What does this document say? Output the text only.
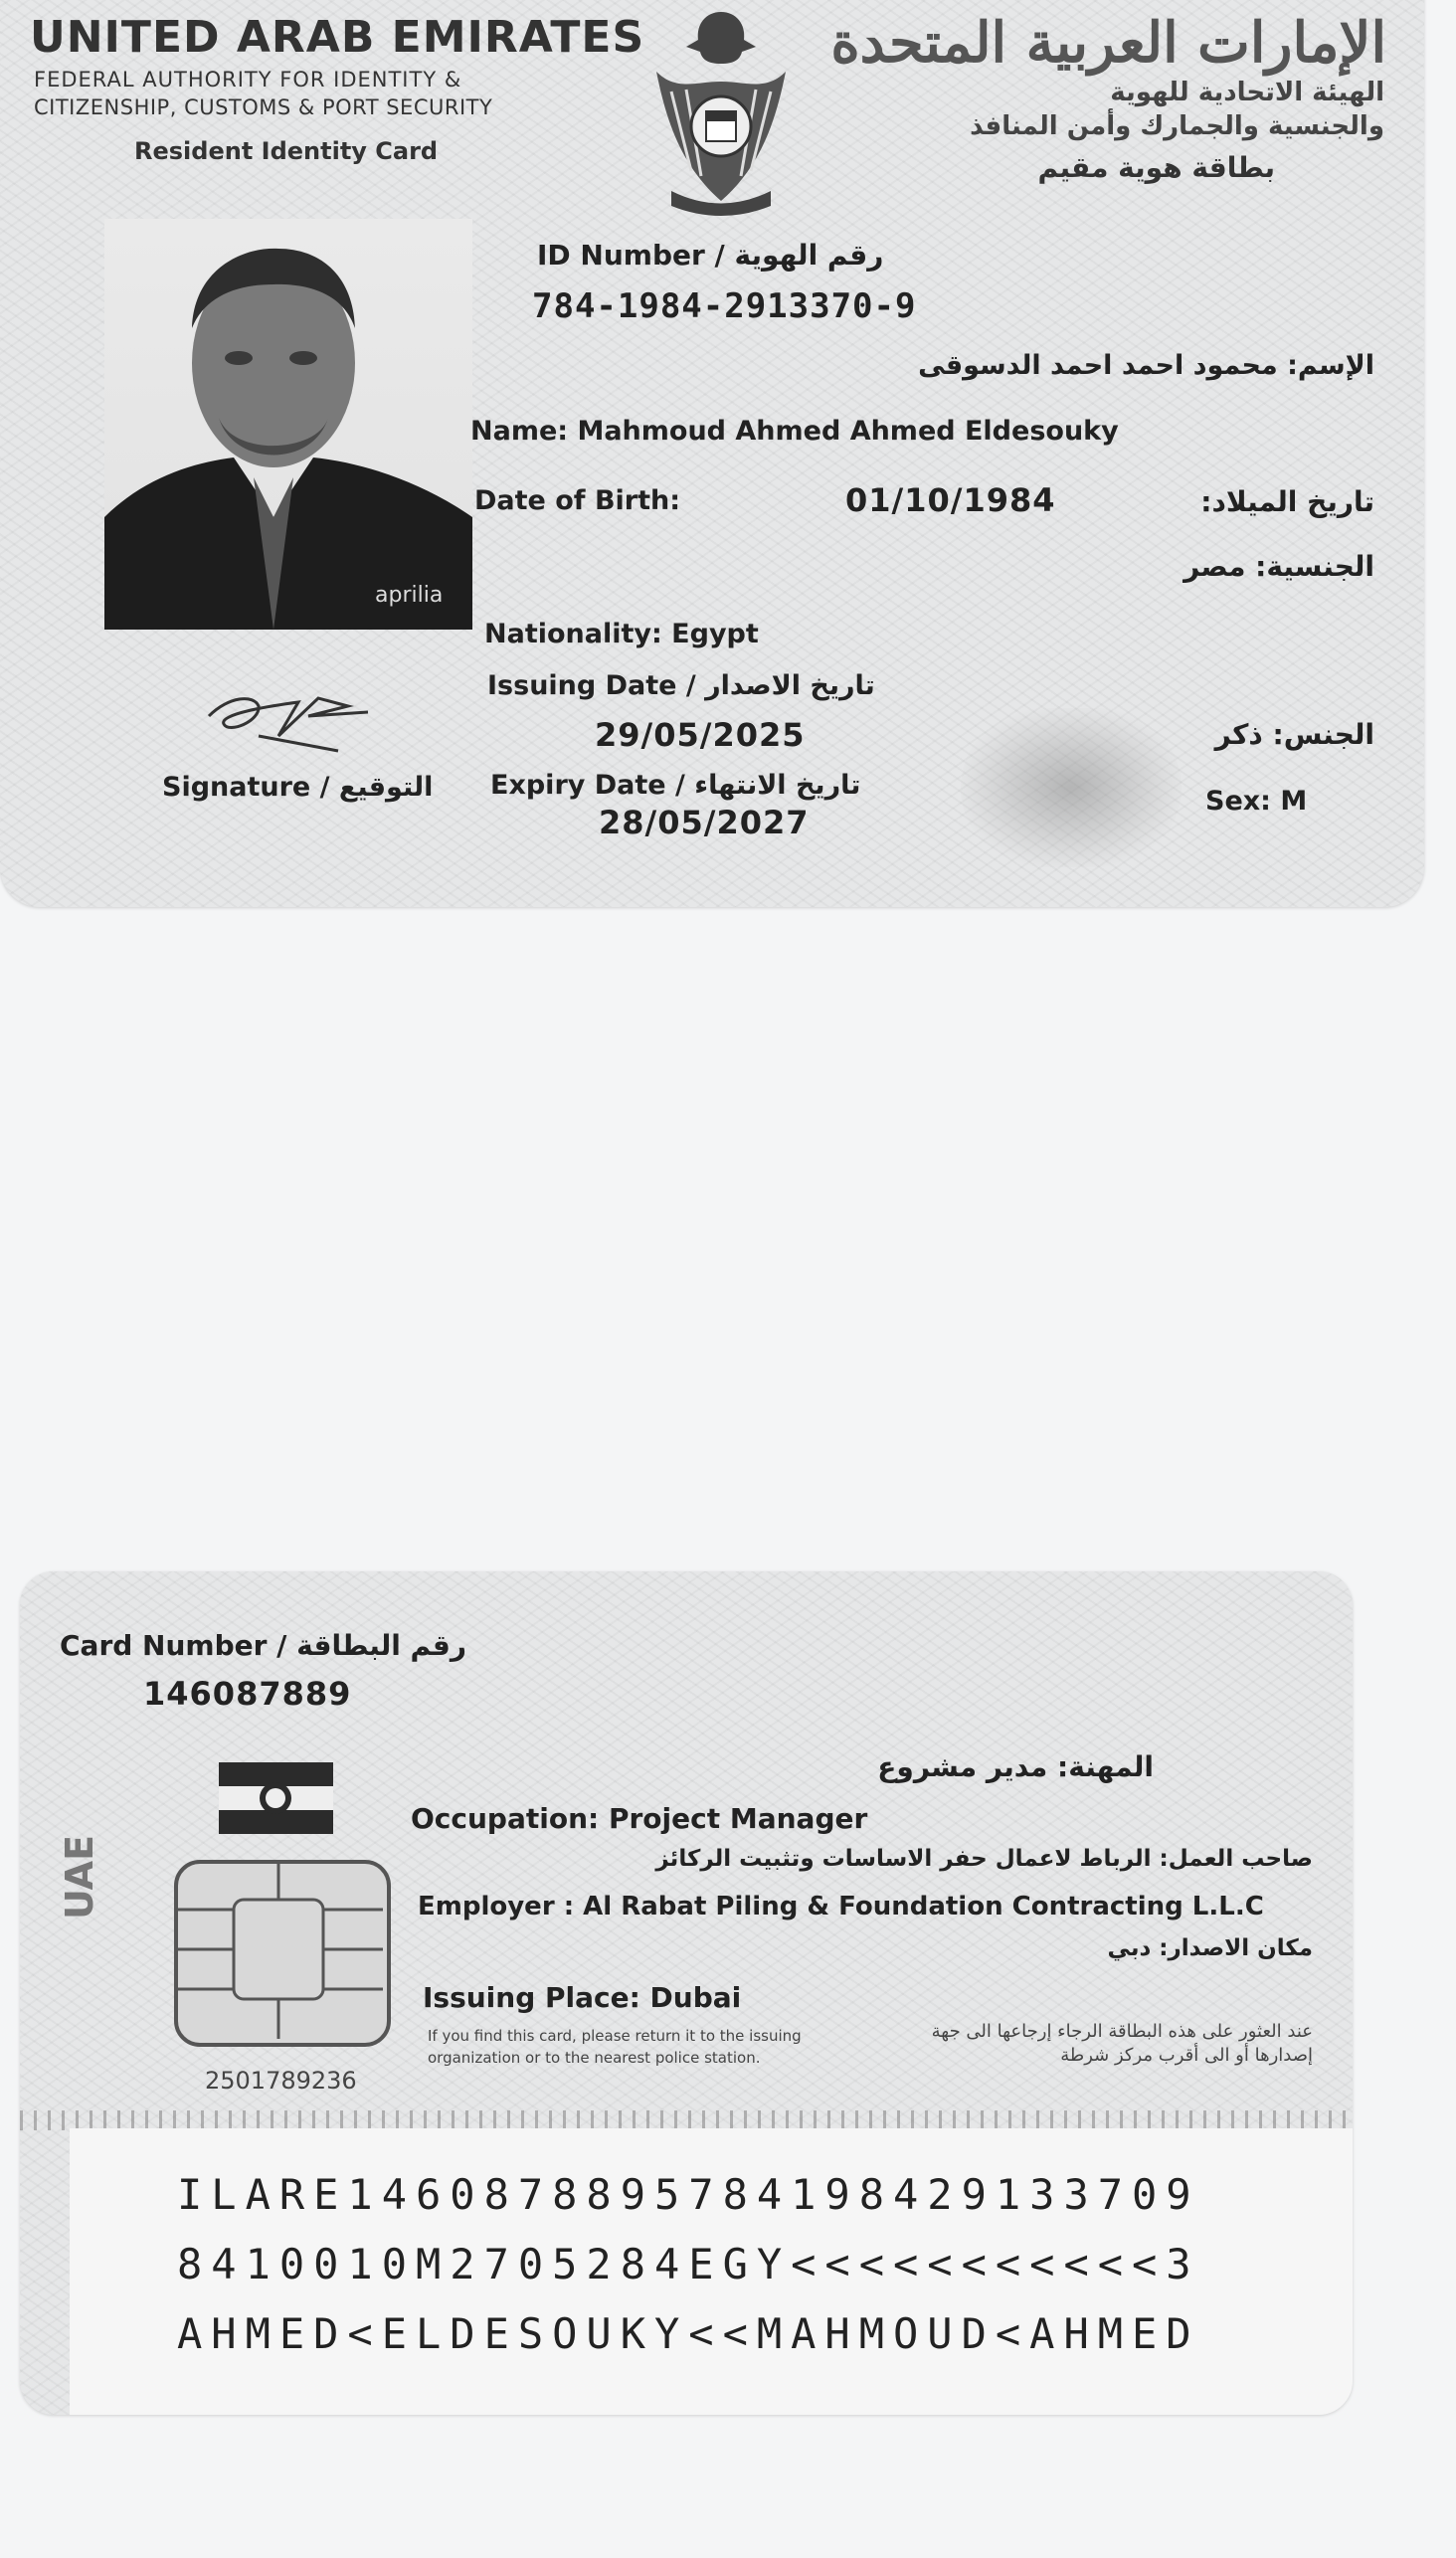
UNITED ARAB EMIRATES
FEDERAL AUTHORITY FOR IDENTITY &
CITIZENSHIP, CUSTOMS & PORT SECURITY
Resident Identity Card
الإمارات العربية المتحدة
الهيئة الاتحادية للهوية
والجنسية والجمارك وأمن المنافذ
بطاقة هوية مقيم
aprilia
ID Number / رقم الهوية
784-1984-2913370-9
الإسم: محمود احمد احمد الدسوقى
Name: Mahmoud Ahmed Ahmed Eldesouky
Date of Birth:	01/10/1984	تاريخ الميلاد:
الجنسية: مصر
Nationality: Egypt
Issuing Date / تاريخ الاصدار
29/05/2025
Signature / التوقيع Expiry Date / تاريخ الانتهاء
28/05/2027
الجنس: ذكر
Sex: M
Card Number / رقم البطاقة
146087889
UAE
2501789236
المهنة: مدير مشروع
Occupation: Project Manager
صاحب العمل: الرباط لاعمال حفر الاساسات وتثبيت الركائز
Employer : Al Rabat Piling & Foundation Contracting L.L.C
مكان الاصدار: دبي
Issuing Place: Dubai
If you find this card, please return it to the issuing
organization or to the nearest police station.
عند العثور على هذه البطاقة الرجاء إرجاعها الى جهة
إصدارها أو الى أقرب مركز شرطة
ILARE1460878895784198429133709
8410010M2705284EGY<<<<<<<<<<<3
AHMED<ELDESOUKY<<MAHMOUD<AHMED
